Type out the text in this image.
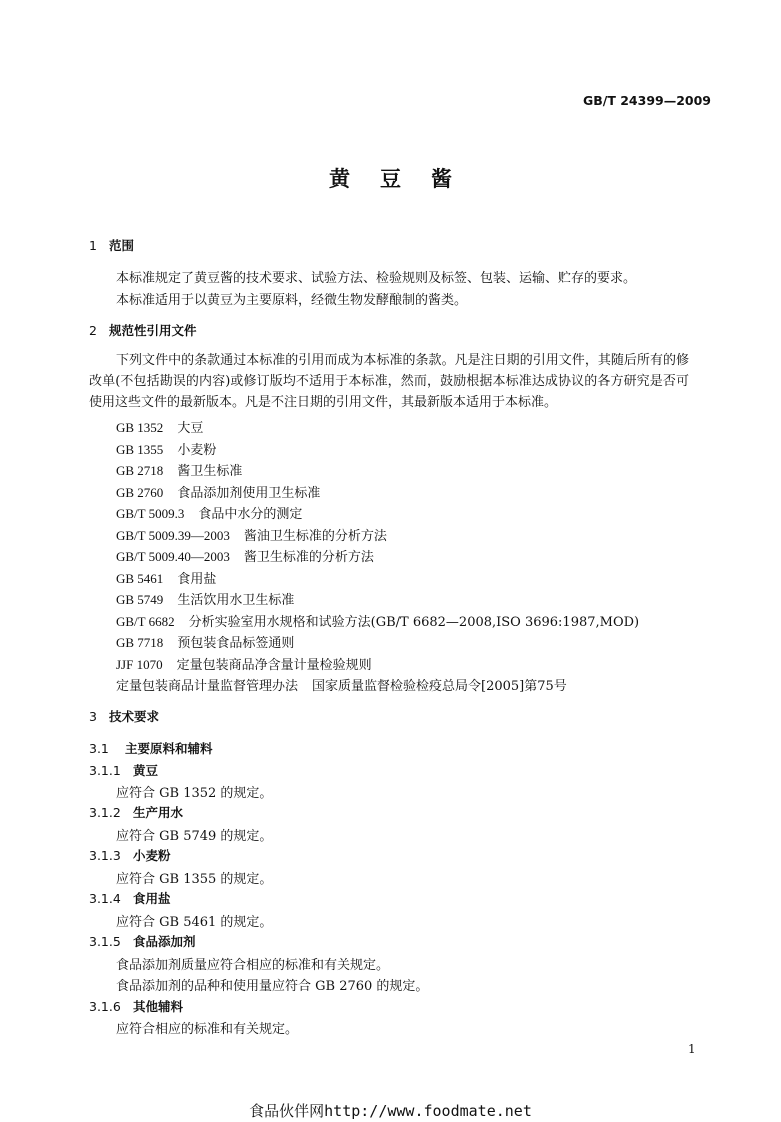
GB/T 24399—2009
黄豆酱
1 范围
本标准规定了黄豆酱的技术要求、试验方法、检验规则及标签、包装、运输、贮存的要求。
本标准适用于以黄豆为主要原料，经微生物发酵酿制的酱类。
2 规范性引用文件
下列文件中的条款通过本标准的引用而成为本标准的条款。凡是注日期的引用文件，其随后所有的修改单(不包括勘误的内容)或修订版均不适用于本标准，然而，鼓励根据本标准达成协议的各方研究是否可使用这些文件的最新版本。凡是不注日期的引用文件，其最新版本适用于本标准。
GB 1352 大豆
GB 1355 小麦粉
GB 2718 酱卫生标准
GB 2760 食品添加剂使用卫生标准
GB/T 5009.3 食品中水分的测定
GB/T 5009.39—2003 酱油卫生标准的分析方法
GB/T 5009.40—2003 酱卫生标准的分析方法
GB 5461 食用盐
GB 5749 生活饮用水卫生标准
GB/T 6682 分析实验室用水规格和试验方法(GB/T 6682—2008,ISO 3696:1987,MOD)
GB 7718 预包装食品标签通则
JJF 1070 定量包装商品净含量计量检验规则
定量包装商品计量监督管理办法 国家质量监督检验检疫总局令[2005]第75号
3 技术要求
3.1 主要原料和辅料
3.1.1 黄豆
应符合 GB 1352 的规定。
3.1.2 生产用水
应符合 GB 5749 的规定。
3.1.3 小麦粉
应符合 GB 1355 的规定。
3.1.4 食用盐
应符合 GB 5461 的规定。
3.1.5 食品添加剂
食品添加剂质量应符合相应的标准和有关规定。
食品添加剂的品种和使用量应符合 GB 2760 的规定。
3.1.6 其他辅料
应符合相应的标准和有关规定。
1
食品伙伴网http://www.foodmate.net
